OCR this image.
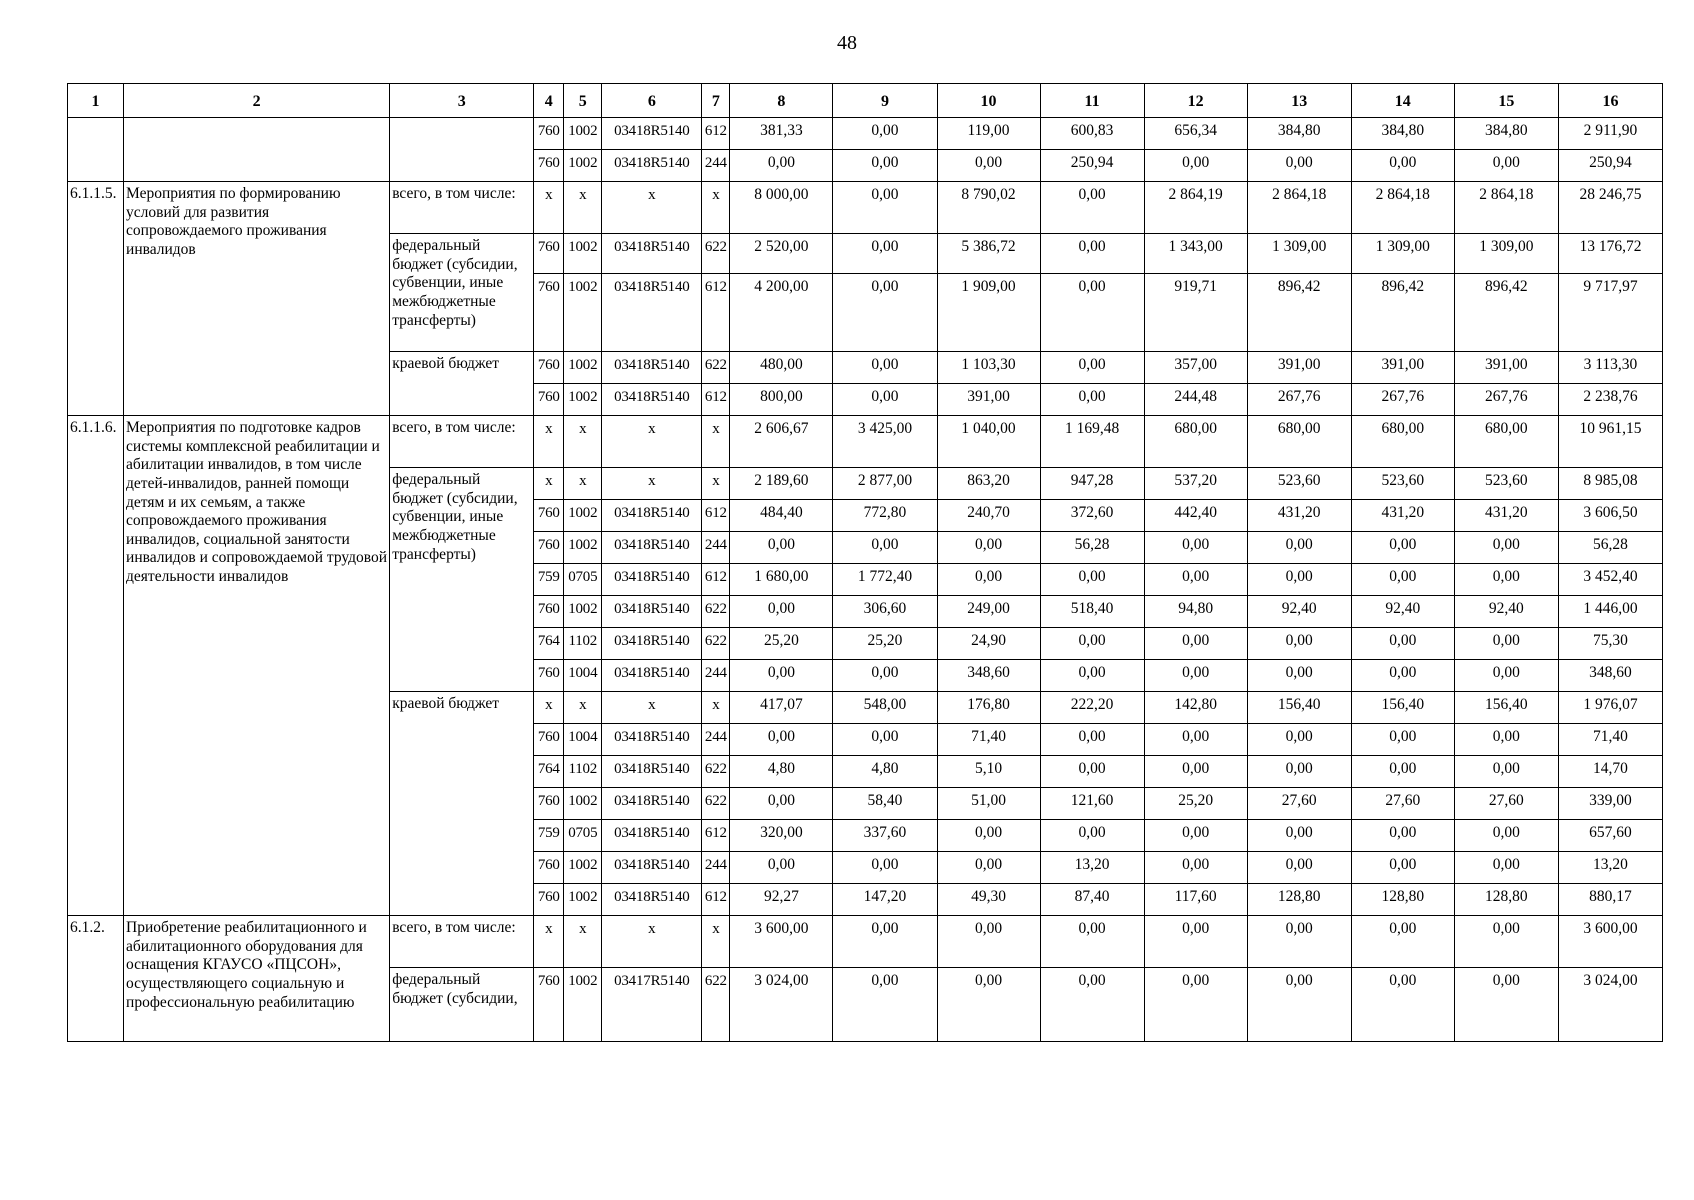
48
1	2	3	4	5	6	7	8	9	10	11	12	13	14	15	16
			760	1002	03418R5140	612	381,33	0,00	119,00	600,83	656,34	384,80	384,80	384,80	2 911,90
			760	1002	03418R5140	244	0,00	0,00	0,00	250,94	0,00	0,00	0,00	0,00	250,94
6.1.1.5.	Мероприятия по формированию условий для развития сопровождаемого проживания инвалидов	всего, в том числе:	х	х	х	х	8 000,00	0,00	8 790,02	0,00	2 864,19	2 864,18	2 864,18	2 864,18	28 246,75
		федеральный бюджет (субсидии, субвенции, иные межбюджетные трансферты)	760	1002	03418R5140	622	2 520,00	0,00	5 386,72	0,00	1 343,00	1 309,00	1 309,00	1 309,00	13 176,72
			760	1002	03418R5140	612	4 200,00	0,00	1 909,00	0,00	919,71	896,42	896,42	896,42	9 717,97
		краевой бюджет	760	1002	03418R5140	622	480,00	0,00	1 103,30	0,00	357,00	391,00	391,00	391,00	3 113,30
			760	1002	03418R5140	612	800,00	0,00	391,00	0,00	244,48	267,76	267,76	267,76	2 238,76
6.1.1.6.	Мероприятия по подготовке кадров системы комплексной реабилитации и абилитации инвалидов, в том числе детей-инвалидов, ранней помощи детям и их семьям, а также сопровождаемого проживания инвалидов, социальной занятости инвалидов и сопровождаемой трудовой деятельности инвалидов	всего, в том числе:	х	х	х	х	2 606,67	3 425,00	1 040,00	1 169,48	680,00	680,00	680,00	680,00	10 961,15
		федеральный бюджет (субсидии, субвенции, иные межбюджетные трансферты)	х	х	х	х	2 189,60	2 877,00	863,20	947,28	537,20	523,60	523,60	523,60	8 985,08
			760	1002	03418R5140	612	484,40	772,80	240,70	372,60	442,40	431,20	431,20	431,20	3 606,50
			760	1002	03418R5140	244	0,00	0,00	0,00	56,28	0,00	0,00	0,00	0,00	56,28
			759	0705	03418R5140	612	1 680,00	1 772,40	0,00	0,00	0,00	0,00	0,00	0,00	3 452,40
			760	1002	03418R5140	622	0,00	306,60	249,00	518,40	94,80	92,40	92,40	92,40	1 446,00
			764	1102	03418R5140	622	25,20	25,20	24,90	0,00	0,00	0,00	0,00	0,00	75,30
			760	1004	03418R5140	244	0,00	0,00	348,60	0,00	0,00	0,00	0,00	0,00	348,60
		краевой бюджет	х	х	х	х	417,07	548,00	176,80	222,20	142,80	156,40	156,40	156,40	1 976,07
			760	1004	03418R5140	244	0,00	0,00	71,40	0,00	0,00	0,00	0,00	0,00	71,40
			764	1102	03418R5140	622	4,80	4,80	5,10	0,00	0,00	0,00	0,00	0,00	14,70
			760	1002	03418R5140	622	0,00	58,40	51,00	121,60	25,20	27,60	27,60	27,60	339,00
			759	0705	03418R5140	612	320,00	337,60	0,00	0,00	0,00	0,00	0,00	0,00	657,60
			760	1002	03418R5140	244	0,00	0,00	0,00	13,20	0,00	0,00	0,00	0,00	13,20
			760	1002	03418R5140	612	92,27	147,20	49,30	87,40	117,60	128,80	128,80	128,80	880,17
6.1.2.	Приобретение реабилитационного и абилитационного оборудования для оснащения КГАУСО «ПЦСОН», осуществляющего социальную и профессиональную реабилитацию	всего, в том числе:	х	х	х	х	3 600,00	0,00	0,00	0,00	0,00	0,00	0,00	0,00	3 600,00
		федеральный бюджет (субсидии,	760	1002	03417R5140	622	3 024,00	0,00	0,00	0,00	0,00	0,00	0,00	0,00	3 024,00
